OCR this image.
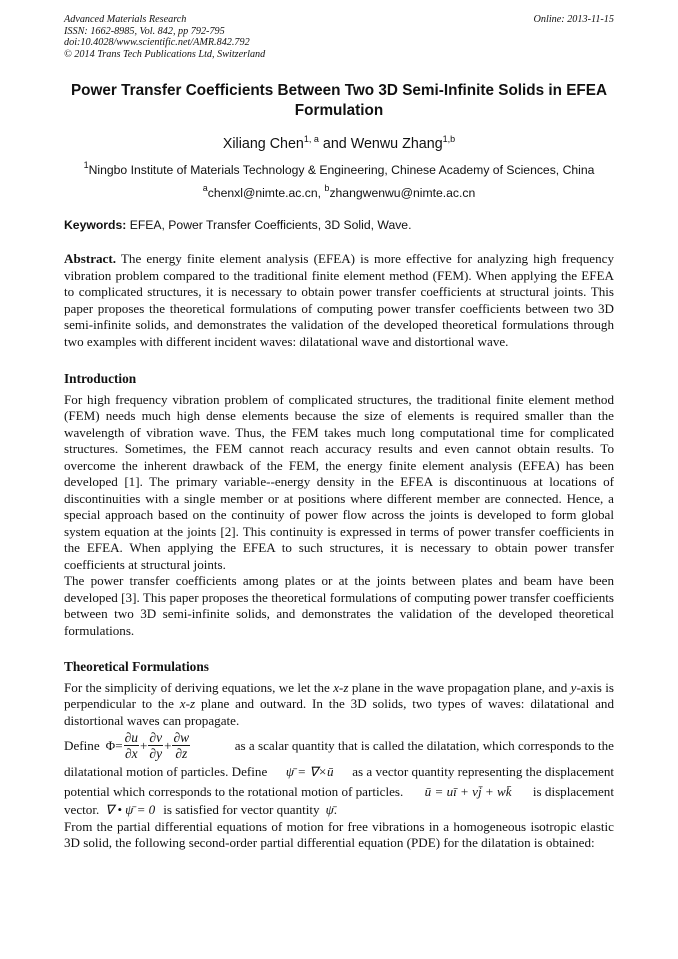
Advanced Materials Research
ISSN: 1662-8985, Vol. 842, pp 792-795
doi:10.4028/www.scientific.net/AMR.842.792
© 2014 Trans Tech Publications Ltd, Switzerland
Online: 2013-11-15
Power Transfer Coefficients Between Two 3D Semi-Infinite Solids in EFEA Formulation
Xiliang Chen$^{1, a}$ and Wenwu Zhang$^{1,b}$
$^1$Ningbo Institute of Materials Technology & Engineering, Chinese Academy of Sciences, China
$^a$chenxl@nimte.ac.cn, $^b$zhangwenwu@nimte.ac.cn
Keywords: EFEA, Power Transfer Coefficients, 3D Solid, Wave.
Abstract. The energy finite element analysis (EFEA) is more effective for analyzing high frequency vibration problem compared to the traditional finite element method (FEM). When applying the EFEA to complicated structures, it is necessary to obtain power transfer coefficients at structural joints. This paper proposes the theoretical formulations of computing power transfer coefficients between two 3D semi-infinite solids, and demonstrates the validation of the developed theoretical formulations through two examples with different incident waves: dilatational wave and distortional wave.
Introduction

For high frequency vibration problem of complicated structures, the traditional finite element method (FEM) needs much high dense elements because the size of elements is required smaller than the wavelength of vibration wave. Thus, the FEM takes much long computational time for complicated structures. Sometimes, the FEM cannot reach accuracy results and even cannot obtain results. To overcome the inherent drawback of the FEM, the energy finite element analysis (EFEA) has been developed [1]. The primary variable--energy density in the EFEA is discontinuous at locations of discontinuities with a single member or at positions where different member are connected. Hence, a special approach based on the continuity of power flow across the joints is developed to form global system equation at the joints [2]. This continuity is expressed in terms of power transfer coefficients in the EFEA. When applying the EFEA to such structures, it is necessary to obtain power transfer coefficients at structural joints.

The power transfer coefficients among plates or at the joints between plates and beam have been developed [3]. This paper proposes the theoretical formulations of computing power transfer coefficients between two 3D semi-infinite solids, and demonstrates the validation of the developed theoretical formulations.

Theoretical Formulations

For the simplicity of deriving equations, we let the x-z plane in the wave propagation plane, and y-axis is perpendicular to the x-z plane and outward. In the 3D solids, two types of waves: dilatational and distortional waves can propagate.

Define $\Phi= \frac{\partial u}{\partial x} + \frac{\partial v}{\partial y} + \frac{\partial w}{\partial z}$	as a scalar quantity that is called the dilatation, which corresponds to the
dilatational motion of particles. Define ψ̄ = ∇×ū as a vector quantity representing the displacement
potential which corresponds to the rotational motion of particles. ū = uī + vj̄ + wk̄ is displacement
vector. ∇ • ψ̄ = 0 is satisfied for vector quantity ψ̄ .

From the partial differential equations of motion for free vibrations in a homogeneous isotropic elastic 3D solid, the following second-order partial differential equation (PDE) for the dilatation is obtained:
